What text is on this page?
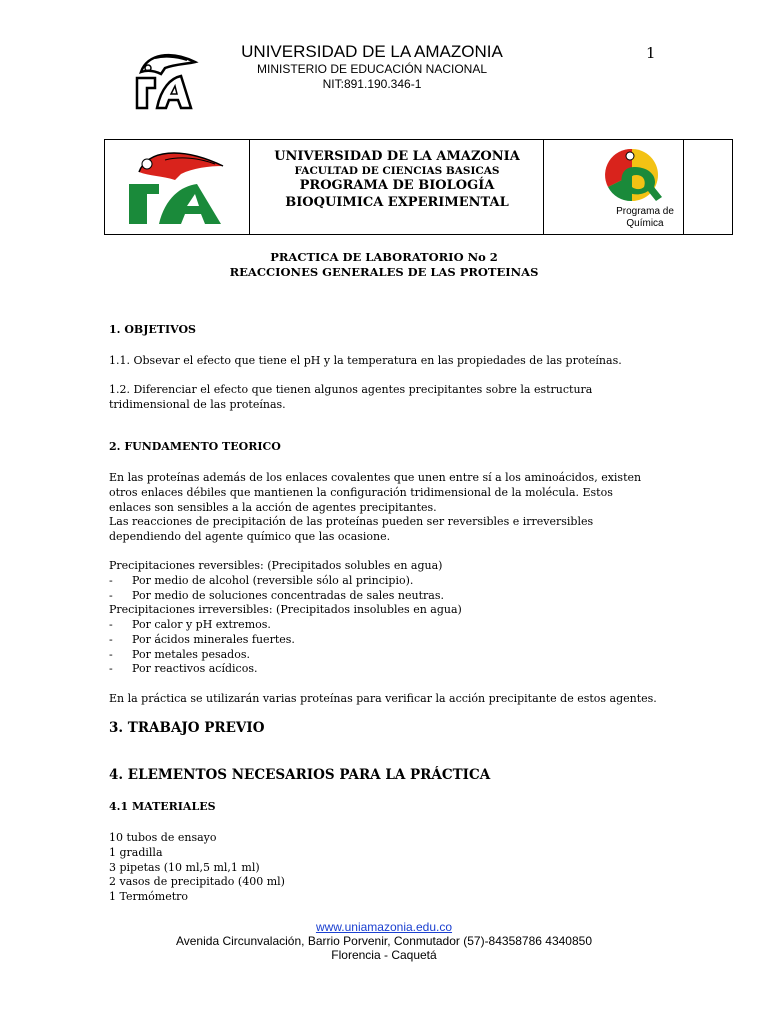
UNIVERSIDAD DE LA AMAZONIA
MINISTERIO DE EDUCACIÓN NACIONAL
NIT:891.190.346-1
1
UNIVERSIDAD DE LA AMAZONIA
FACULTAD DE CIENCIAS BASICAS
PROGRAMA DE BIOLOGÍA
BIOQUIMICA EXPERIMENTAL
Programa de
Química
PRACTICA DE LABORATORIO No 2
REACCIONES GENERALES DE LAS PROTEINAS
1. OBJETIVOS
1.1. Obsevar el efecto que tiene el pH y la temperatura en las propiedades de las proteínas.
1.2. Diferenciar el efecto que tienen algunos agentes precipitantes sobre la estructura
tridimensional de las proteínas.
2. FUNDAMENTO TEORICO
En las proteínas además de los enlaces covalentes que unen entre sí a los aminoácidos, existen
otros enlaces débiles que mantienen la configuración tridimensional de la molécula. Estos
enlaces son sensibles a la acción de agentes precipitantes.
Las reacciones de precipitación de las proteínas pueden ser reversibles e irreversibles
dependiendo del agente químico que las ocasione.
Precipitaciones reversibles: (Precipitados solubles en agua)
- Por medio de alcohol (reversible sólo al principio).
- Por medio de soluciones concentradas de sales neutras.
Precipitaciones irreversibles: (Precipitados insolubles en agua)
- Por calor y pH extremos.
- Por ácidos minerales fuertes.
- Por metales pesados.
- Por reactivos acídicos.
En la práctica se utilizarán varias proteínas para verificar la acción precipitante de estos agentes.
3. TRABAJO PREVIO
4. ELEMENTOS NECESARIOS PARA LA PRÁCTICA
4.1 MATERIALES
10 tubos de ensayo
1 gradilla
3 pipetas (10 ml,5 ml,1 ml)
2 vasos de precipitado (400 ml)
1 Termómetro
www.uniamazonia.edu.co
Avenida Circunvalación, Barrio Porvenir, Conmutador (57)-84358786 4340850
Florencia - Caquetá
